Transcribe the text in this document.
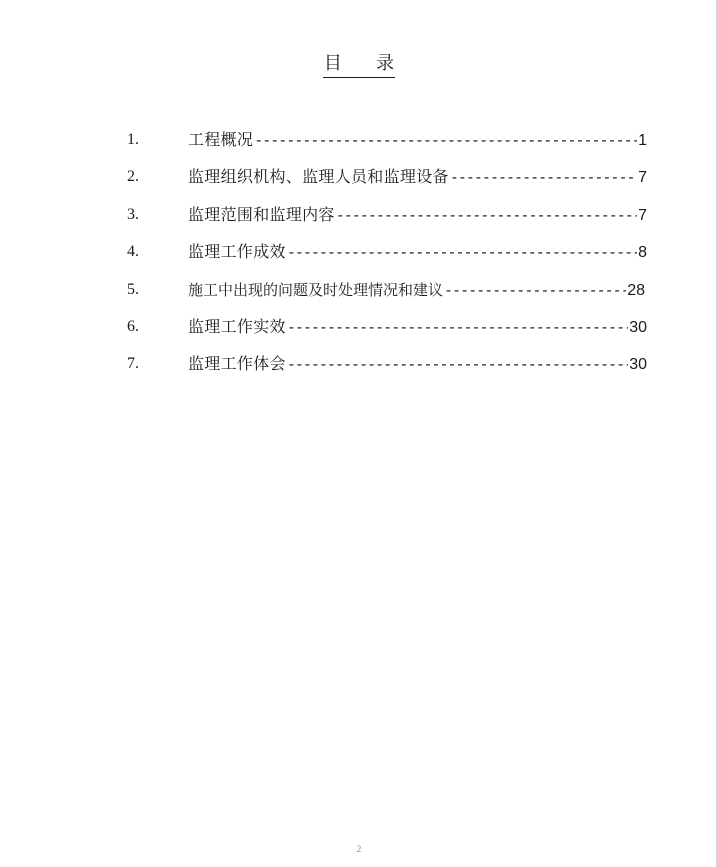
目      录
1.	工程概况 -----	1
2.	监理组织机构、监理人员和监理设备 -----	7
3.	监理范围和监理内容 -----	7
4.	监理工作成效 -----	8
5.	施工中出现的问题及时处理情况和建议 -----	28
6.	监理工作实效 -----	30
7.	监理工作体会 -----	30
2
